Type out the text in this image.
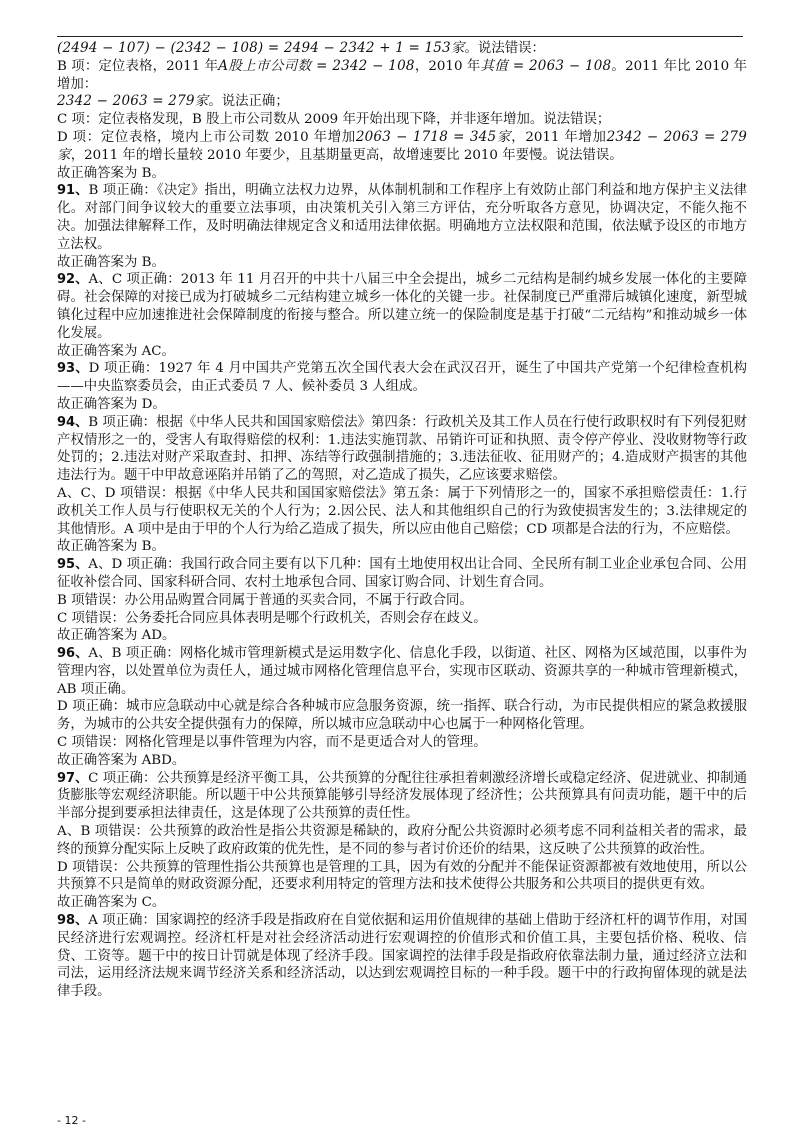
(2494 − 107) − (2342 − 108) = 2494 − 2342 + 1 = 153家。说法错误：

B 项：定位表格，2011 年A股上市公司数 = 2342 − 108，2010 年其值 = 2063 − 108。2011 年比 2010 年增加：

2342 − 2063 = 279家。说法正确；

C 项：定位表格发现，B 股上市公司数从 2009 年开始出现下降，并非逐年增加。说法错误；

D 项：定位表格，境内上市公司数 2010 年增加2063 − 1718 = 345家，2011 年增加2342 − 2063 = 279家，2011 年的增长量较 2010 年要少，且基期量更高，故增速要比 2010 年要慢。说法错误。

故正确答案为 B。

91、B 项正确：《决定》指出，明确立法权力边界，从体制机制和工作程序上有效防止部门利益和地方保护主义法律化。对部门间争议较大的重要立法事项，由决策机关引入第三方评估，充分听取各方意见，协调决定，不能久拖不决。加强法律解释工作，及时明确法律规定含义和适用法律依据。明确地方立法权限和范围，依法赋予设区的市地方立法权。

故正确答案为 B。

92、A、C 项正确：2013 年 11 月召开的中共十八届三中全会提出，城乡二元结构是制约城乡发展一体化的主要障碍。社会保障的对接已成为打破城乡二元结构建立城乡一体化的关键一步。社保制度已严重滞后城镇化速度，新型城镇化过程中应加速推进社会保障制度的衔接与整合。所以建立统一的保险制度是基于打破“二元结构”和推动城乡一体化发展。

故正确答案为 AC。

93、D 项正确：1927 年 4 月中国共产党第五次全国代表大会在武汉召开，诞生了中国共产党第一个纪律检查机构——中央监察委员会，由正式委员 7 人、候补委员 3 人组成。

故正确答案为 D。

94、B 项正确：根据《中华人民共和国国家赔偿法》第四条：行政机关及其工作人员在行使行政职权时有下列侵犯财产权情形之一的，受害人有取得赔偿的权利：1.违法实施罚款、吊销许可证和执照、责令停产停业、没收财物等行政处罚的；2.违法对财产采取查封、扣押、冻结等行政强制措施的；3.违法征收、征用财产的；4.造成财产损害的其他违法行为。题干中甲故意诬陷并吊销了乙的驾照，对乙造成了损失，乙应该要求赔偿。

A、C、D 项错误：根据《中华人民共和国国家赔偿法》第五条：属于下列情形之一的，国家不承担赔偿责任：1.行政机关工作人员与行使职权无关的个人行为；2.因公民、法人和其他组织自己的行为致使损害发生的；3.法律规定的其他情形。A 项中是由于甲的个人行为给乙造成了损失，所以应由他自己赔偿；CD 项都是合法的行为，不应赔偿。

故正确答案为 B。

95、A、D 项正确：我国行政合同主要有以下几种：国有土地使用权出让合同、全民所有制工业企业承包合同、公用征收补偿合同、国家科研合同、农村土地承包合同、国家订购合同、计划生育合同。

B 项错误：办公用品购置合同属于普通的买卖合同，不属于行政合同。

C 项错误：公务委托合同应具体表明是哪个行政机关，否则会存在歧义。

故正确答案为 AD。

96、A、B 项正确：网格化城市管理新模式是运用数字化、信息化手段，以街道、社区、网格为区域范围，以事件为管理内容，以处置单位为责任人，通过城市网格化管理信息平台，实现市区联动、资源共享的一种城市管理新模式，AB 项正确。

D 项正确：城市应急联动中心就是综合各种城市应急服务资源，统一指挥、联合行动，为市民提供相应的紧急救援服务，为城市的公共安全提供强有力的保障，所以城市应急联动中心也属于一种网格化管理。

C 项错误：网格化管理是以事件管理为内容，而不是更适合对人的管理。

故正确答案为 ABD。

97、C 项正确：公共预算是经济平衡工具，公共预算的分配往往承担着刺激经济增长或稳定经济、促进就业、抑制通货膨胀等宏观经济职能。所以题干中公共预算能够引导经济发展体现了经济性；公共预算具有问责功能，题干中的后半部分提到要承担法律责任，这是体现了公共预算的责任性。

A、B 项错误：公共预算的政治性是指公共资源是稀缺的，政府分配公共资源时必须考虑不同利益相关者的需求，最终的预算分配实际上反映了政府政策的优先性，是不同的参与者讨价还价的结果，这反映了公共预算的政治性。

D 项错误：公共预算的管理性指公共预算也是管理的工具，因为有效的分配并不能保证资源都被有效地使用，所以公共预算不只是简单的财政资源分配，还要求利用特定的管理方法和技术使得公共服务和公共项目的提供更有效。

故正确答案为 C。

98、A 项正确：国家调控的经济手段是指政府在自觉依据和运用价值规律的基础上借助于经济杠杆的调节作用，对国民经济进行宏观调控。经济杠杆是对社会经济活动进行宏观调控的价值形式和价值工具，主要包括价格、税收、信贷、工资等。题干中的按日计罚就是体现了经济手段。国家调控的法律手段是指政府依靠法制力量，通过经济立法和司法，运用经济法规来调节经济关系和经济活动，以达到宏观调控目标的一种手段。题干中的行政拘留体现的就是法律手段。

- 12 -
